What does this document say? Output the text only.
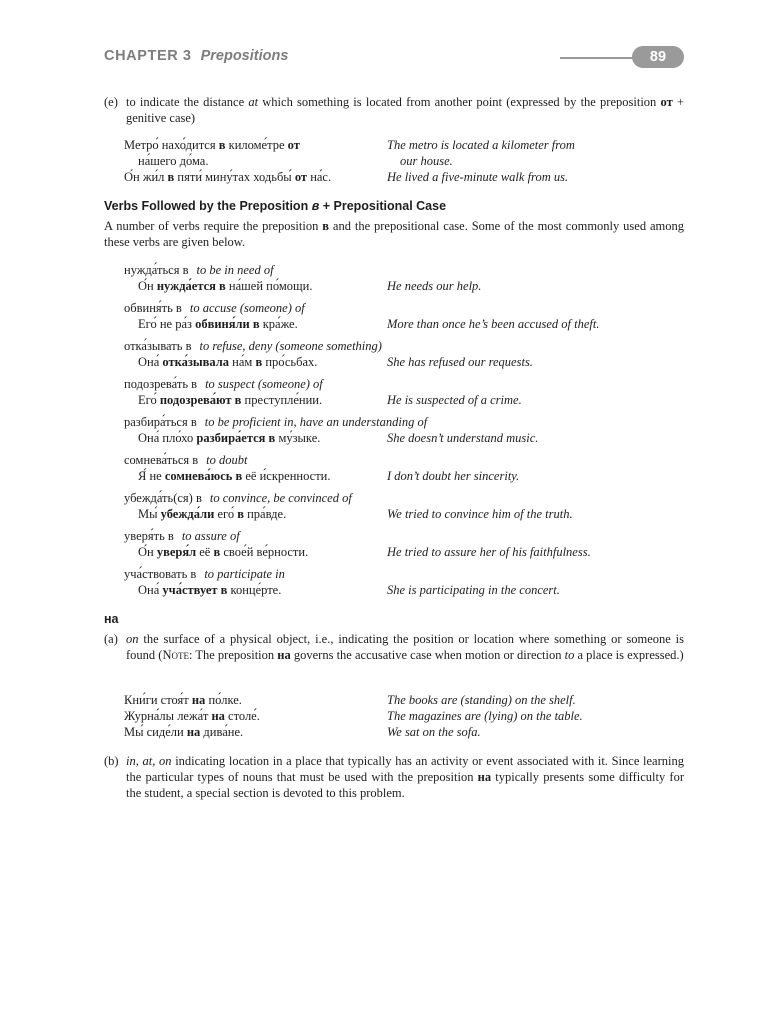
CHAPTER 3 Prepositions	89
(e) to indicate the distance at which something is located from another point (expressed by the preposition от + genitive case)
Метро́ нахо́дится в киломе́тре от	The metro is located a kilometer from
на́шего до́ма.	our house.
О́н жи́л в пяти́ мину́тах ходьбы́ от на́с.	He lived a five-minute walk from us.
Verbs Followed by the Preposition в + Prepositional Case
A number of verbs require the preposition в and the prepositional case. Some of the most commonly used among these verbs are given below.
нужда́ться в to be in need of
О́н нужда́ется в на́шей по́мощи.	He needs our help.
обвиня́ть в to accuse (someone) of
Его́ не ра́з обвиня́ли в кра́же.	More than once he’s been accused of theft.
отка́зывать в to refuse, deny (someone something)
Она́ отка́зывала на́м в про́сьбах.	She has refused our requests.
подозрева́ть в to suspect (someone) of
Его́ подозрева́ют в преступле́нии.	He is suspected of a crime.
разбира́ться в to be proficient in, have an understanding of
Она́ пло́хо разбира́ется в му́зыке.	She doesn’t understand music.
сомнева́ться в to doubt
Я́ не сомнева́юсь в её и́скренности.	I don’t doubt her sincerity.
убежда́ть(ся) в to convince, be convinced of
Мы́ убежда́ли его́ в пра́вде.	We tried to convince him of the truth.
уверя́ть в to assure of
О́н уверя́л её в свое́й ве́рности.	He tried to assure her of his faithfulness.
уча́ствовать в to participate in
Она́ уча́ствует в конце́рте.	She is participating in the concert.
на
(a) on the surface of a physical object, i.e., indicating the position or location where something or someone is found (Note: The preposition на governs the accusative case when motion or direction to a place is expressed.)
Кни́ги стоя́т на по́лке.	The books are (standing) on the shelf.
Журна́лы лежа́т на столе́.	The magazines are (lying) on the table.
Мы́ сиде́ли на дива́не.	We sat on the sofa.
(b) in, at, on indicating location in a place that typically has an activity or event associated with it. Since learning the particular types of nouns that must be used with the preposition на typically presents some difficulty for the student, a special section is devoted to this problem.
